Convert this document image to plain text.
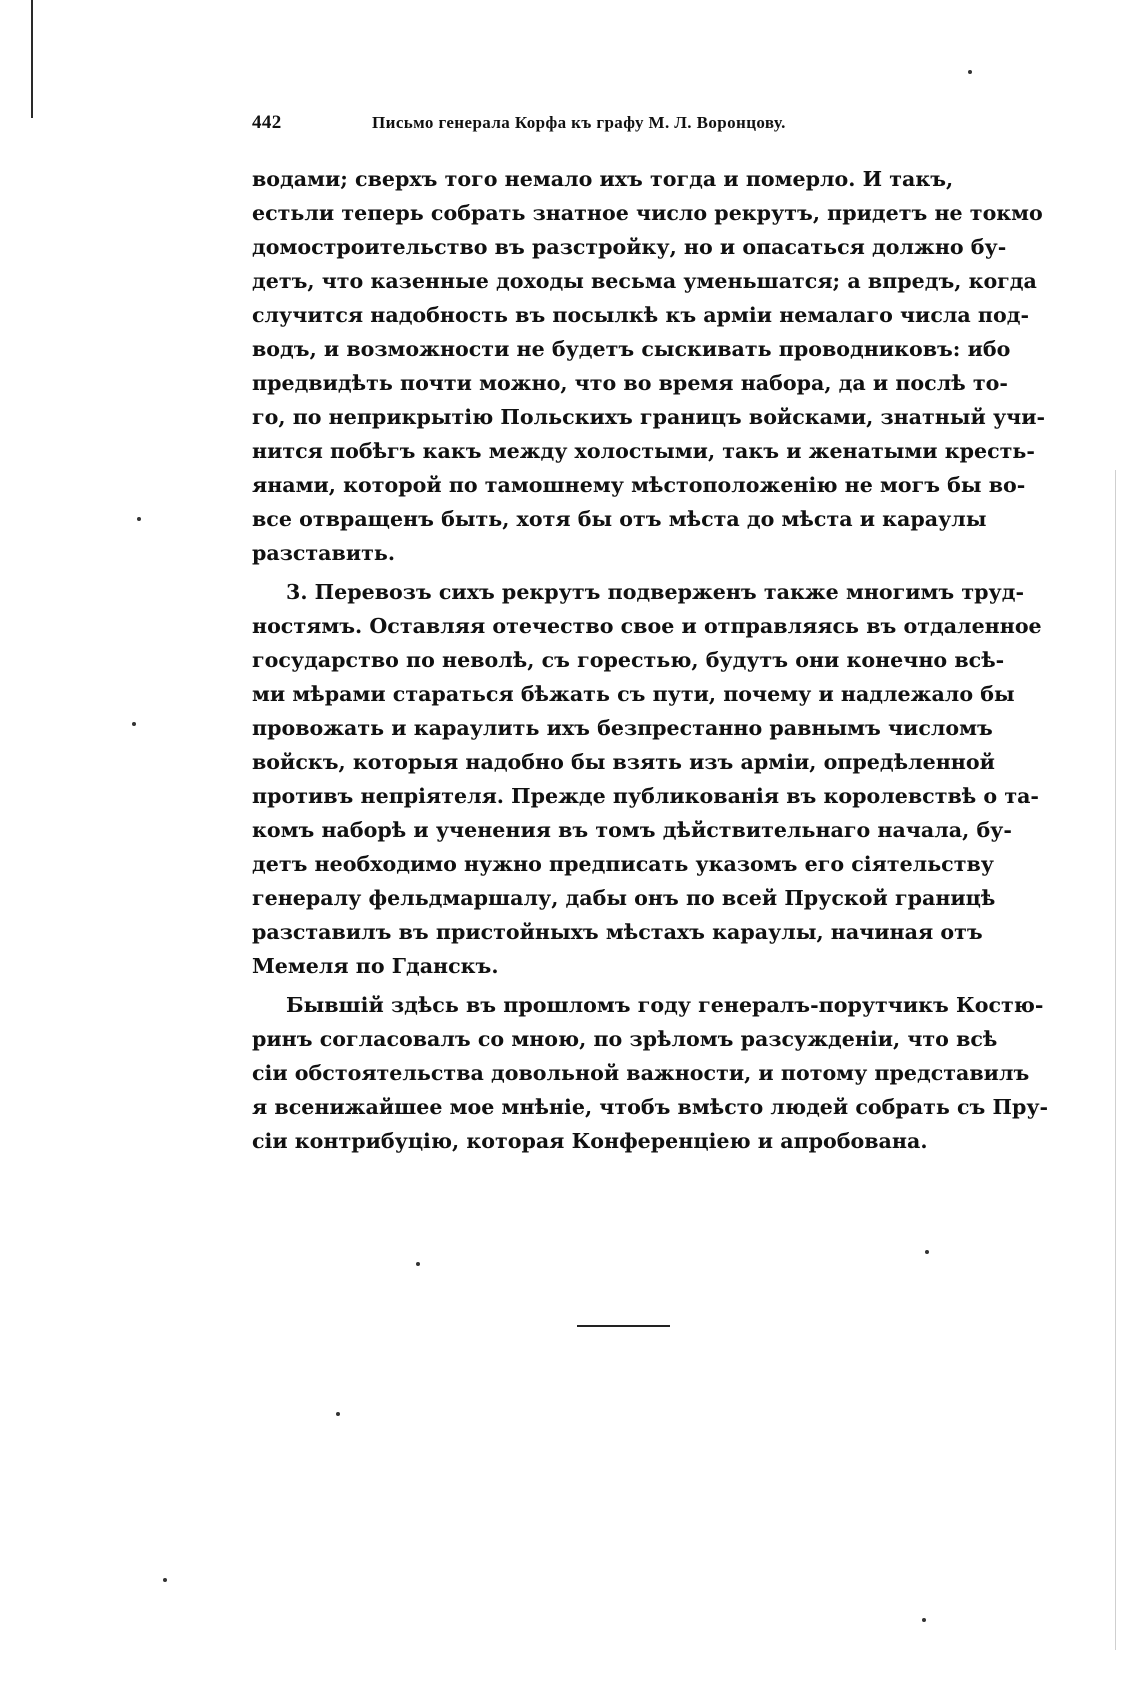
442	Письмо генерала Корфа къ графу М. Л. Воронцову.
водами; сверхъ того немало ихъ тогда и померло. И такъ,
естьли теперь собрать знатное число рекрутъ, придетъ не токмо
домостроительство въ разстройку, но и опасаться должно бу-
детъ, что казенные доходы весьма уменьшатся; а впредъ, когда
случится надобность въ посылкѣ къ арміи немалаго числа под-
водъ, и возможности не будетъ сыскивать проводниковъ: ибо
предвидѣть почти можно, что во время набора, да и послѣ то-
го, по неприкрытію Польскихъ границъ войсками, знатный учи-
нится побѣгъ какъ между холостыми, такъ и женатыми кресть-
янами, которой по тамошнему мѣстоположенію не могъ бы во-
все отвращенъ быть, хотя бы отъ мѣста до мѣста и караулы
разставить.
3. Перевозъ сихъ рекрутъ подверженъ также многимъ труд-
ностямъ. Оставляя отечество свое и отправляясь въ отдаленное
государство по неволѣ, съ горестью, будутъ они конечно всѣ-
ми мѣрами стараться бѣжать съ пути, почему и надлежало бы
провожать и караулить ихъ безпрестанно равнымъ числомъ
войскъ, которыя надобно бы взять изъ арміи, опредѣленной
противъ непріятеля. Прежде публикованія въ королевствѣ о та-
комъ наборѣ и ученения въ томъ дѣйствительнаго начала, бу-
детъ необходимо нужно предписать указомъ его сіятельству
генералу фельдмаршалу, дабы онъ по всей Пруской границѣ
разставилъ въ пристойныхъ мѣстахъ караулы, начиная отъ
Мемеля по Гданскъ.
Бывшій здѣсь въ прошломъ году генералъ-порутчикъ Костю-
ринъ согласовалъ со мною, по зрѣломъ разсужденіи, что всѣ
сіи обстоятельства довольной важности, и потому представилъ
я всенижайшее мое мнѣніе, чтобъ вмѣсто людей собрать съ Пру-
сіи контрибуцію, которая Конференціею и апробована.
